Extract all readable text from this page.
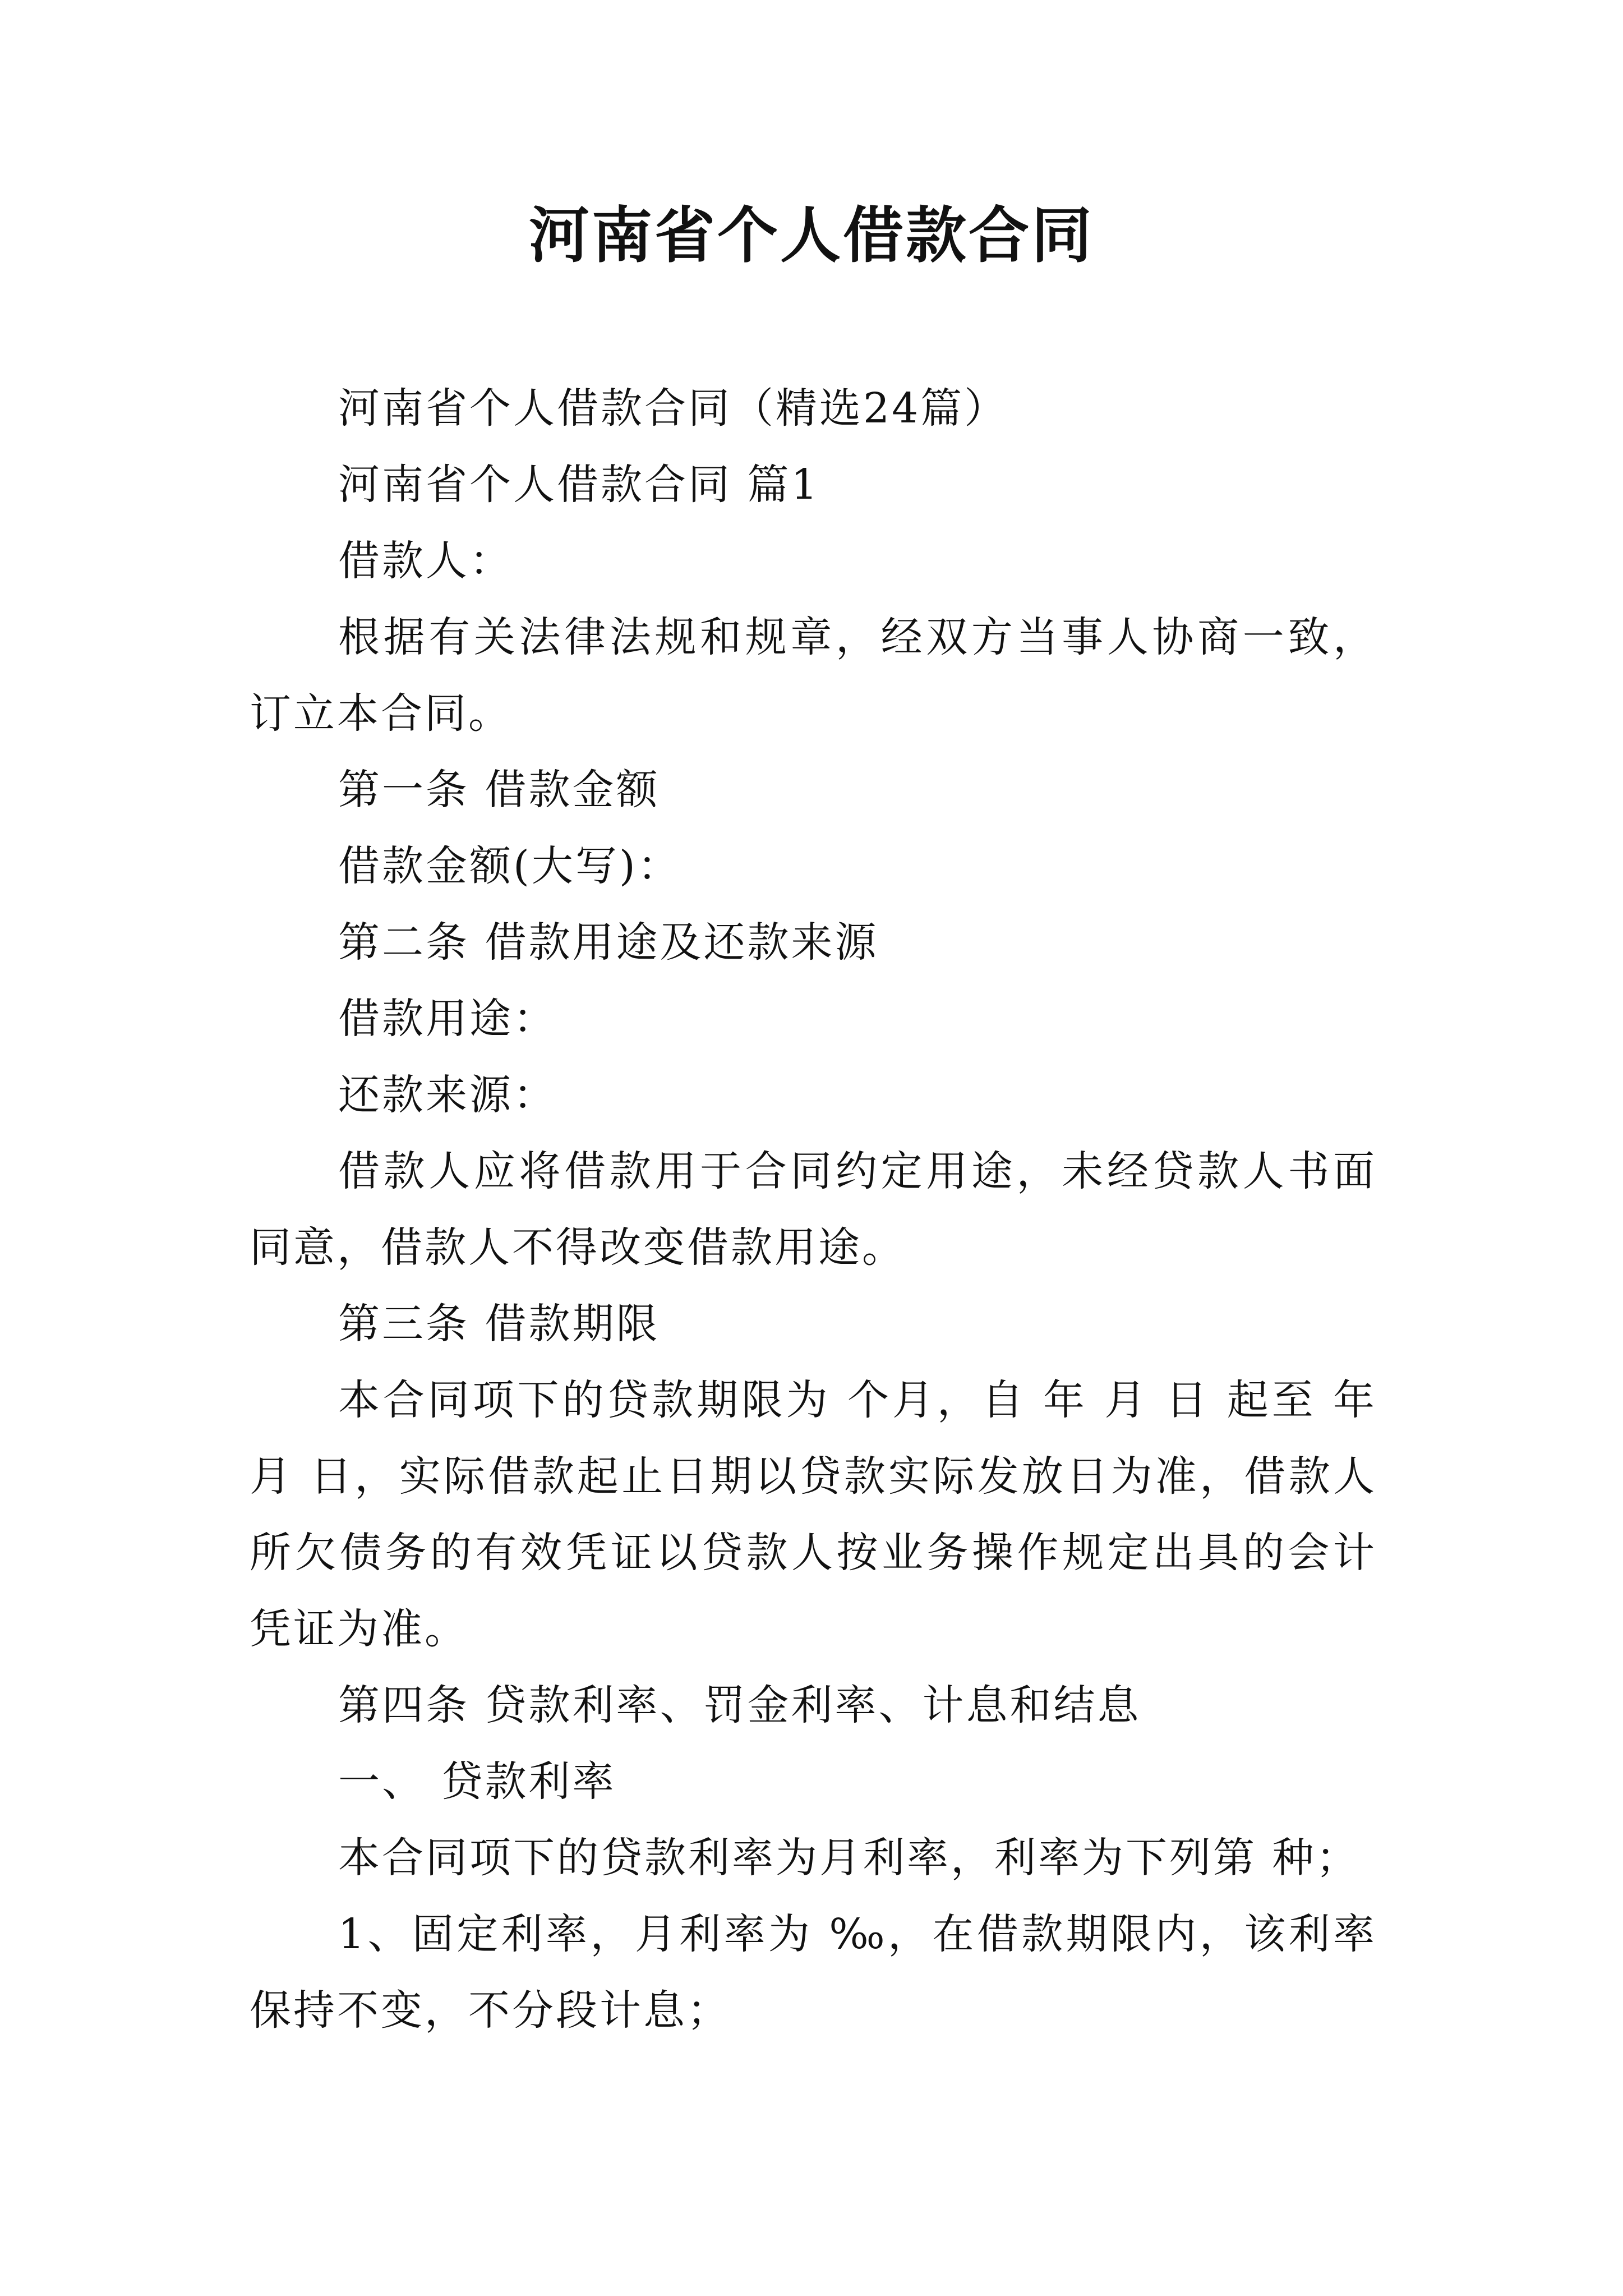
河南省个人借款合同

河南省个人借款合同（精选24篇）

河南省个人借款合同 篇1

借款人：

根据有关法律法规和规章，经双方当事人协商一致，订立本合同。

第一条 借款金额

借款金额(大写)：

第二条 借款用途及还款来源

借款用途：

还款来源：

借款人应将借款用于合同约定用途，未经贷款人书面同意，借款人不得改变借款用途。

第三条 借款期限

本合同项下的贷款期限为 个月，自 年 月 日 起至 年 月 日，实际借款起止日期以贷款实际发放日为准，借款人所欠债务的有效凭证以贷款人按业务操作规定出具的会计凭证为准。

第四条 贷款利率、罚金利率、计息和结息

一、 贷款利率

本合同项下的贷款利率为月利率，利率为下列第 种；

1、固定利率，月利率为 ‰，在借款期限内，该利率保持不变，不分段计息；
